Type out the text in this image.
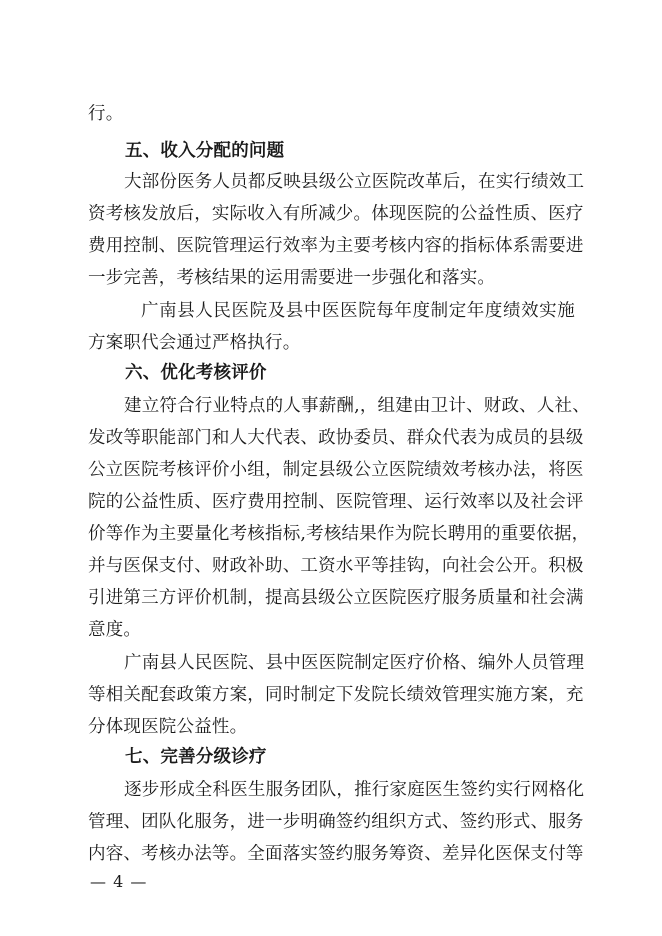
行。
五、收入分配的问题
大部份医务人员都反映县级公立医院改革后，在实行绩效工
资考核发放后，实际收入有所减少。体现医院的公益性质、医疗
费用控制、医院管理运行效率为主要考核内容的指标体系需要进
一步完善，考核结果的运用需要进一步强化和落实。
广南县人民医院及县中医医院每年度制定年度绩效实施
方案职代会通过严格执行。
六、优化考核评价
建立符合行业特点的人事薪酬,，组建由卫计、财政、人社、
发改等职能部门和人大代表、政协委员、群众代表为成员的县级
公立医院考核评价小组，制定县级公立医院绩效考核办法，将医
院的公益性质、医疗费用控制、医院管理、运行效率以及社会评
价等作为主要量化考核指标,考核结果作为院长聘用的重要依据，
并与医保支付、财政补助、工资水平等挂钩，向社会公开。积极
引进第三方评价机制，提高县级公立医院医疗服务质量和社会满
意度。
广南县人民医院、县中医医院制定医疗价格、编外人员管理
等相关配套政策方案，同时制定下发院长绩效管理实施方案，充
分体现医院公益性。
七、完善分级诊疗
逐步形成全科医生服务团队，推行家庭医生签约实行网格化
管理、团队化服务，进一步明确签约组织方式、签约形式、服务
内容、考核办法等。全面落实签约服务筹资、差异化医保支付等
— 4 —
